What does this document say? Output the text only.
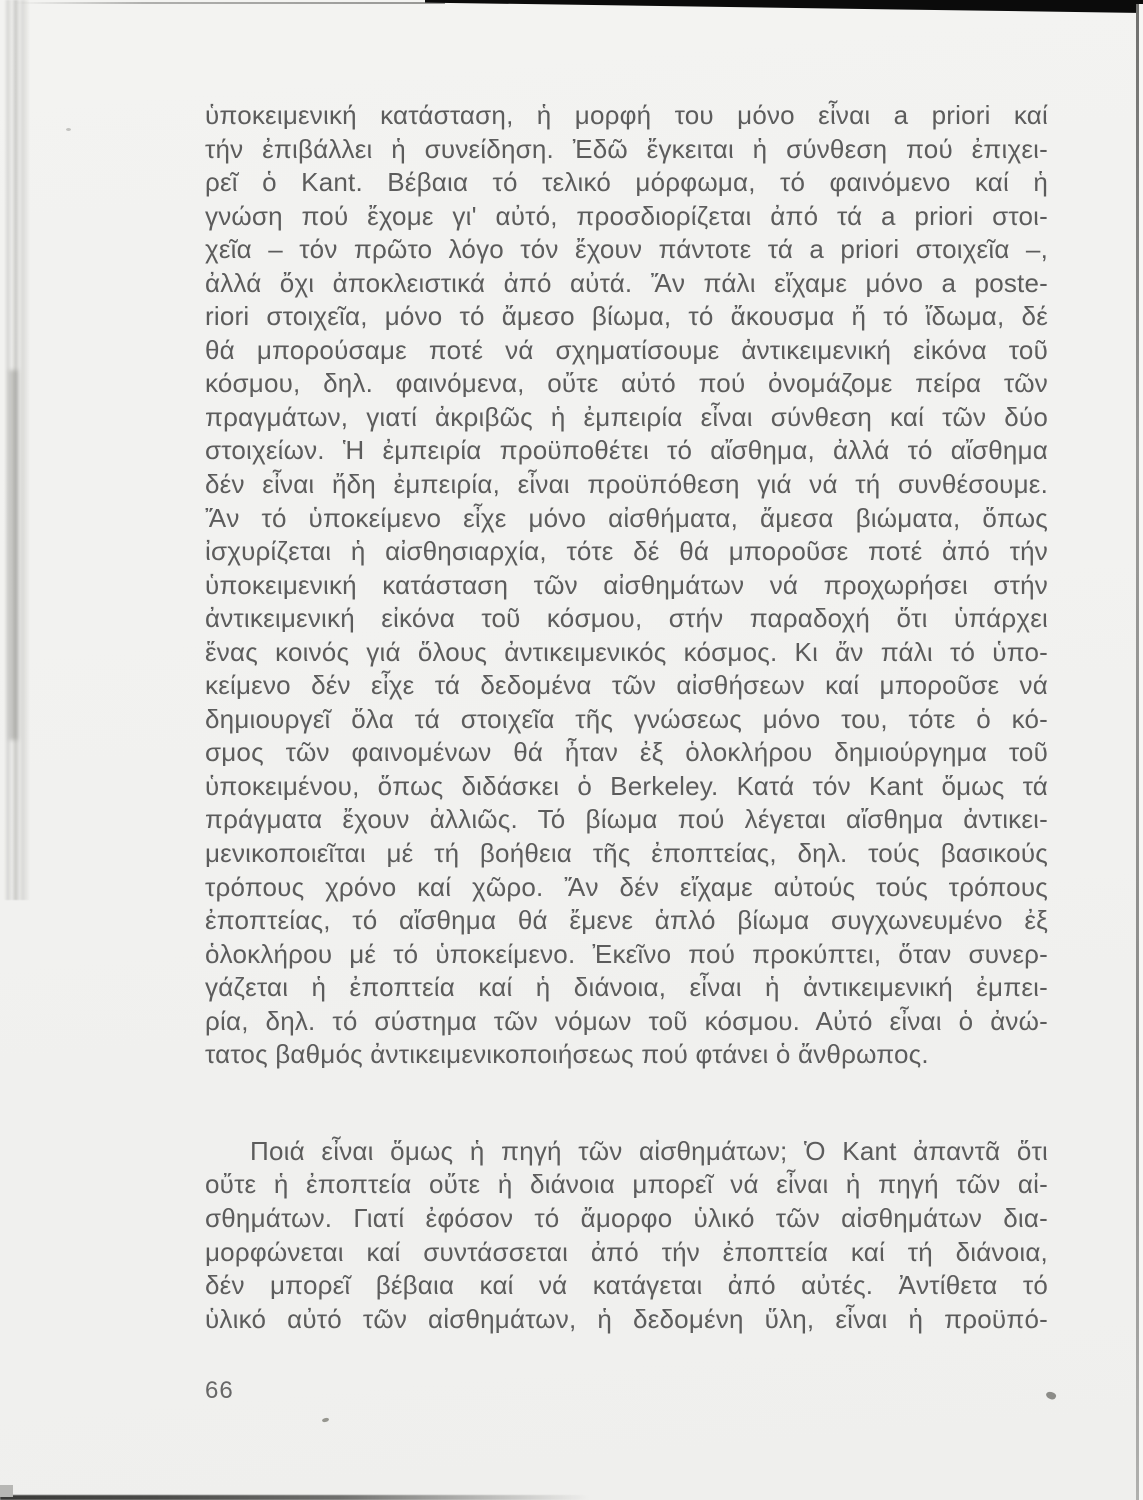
ὑποκειμενική κατάσταση, ἡ μορφή του μόνο εἶναι a priori καί
τήν ἐπιβάλλει ἡ συνείδηση. Ἐδῶ ἔγκειται ἡ σύνθεση πού ἐπιχει-
ρεῖ ὁ Kant. Βέβαια τό τελικό μόρφωμα, τό φαινόμενο καί ἡ
γνώση πού ἔχομε γι' αὐτό, προσδιορίζεται ἀπό τά a priori στοι-
χεῖα – τόν πρῶτο λόγο τόν ἔχουν πάντοτε τά a priori στοιχεῖα –,
ἀλλά ὄχι ἀποκλειστικά ἀπό αὐτά. Ἄν πάλι εἴχαμε μόνο a poste-
riori στοιχεῖα, μόνο τό ἄμεσο βίωμα, τό ἄκουσμα ἤ τό ἴδωμα, δέ
θά μπορούσαμε ποτέ νά σχηματίσουμε ἀντικειμενική εἰκόνα τοῦ
κόσμου, δηλ. φαινόμενα, οὔτε αὐτό πού ὀνομάζομε πείρα τῶν
πραγμάτων, γιατί ἀκριβῶς ἡ ἐμπειρία εἶναι σύνθεση καί τῶν δύο
στοιχείων. Ἡ ἐμπειρία προϋποθέτει τό αἴσθημα, ἀλλά τό αἴσθημα
δέν εἶναι ἤδη ἐμπειρία, εἶναι προϋπόθεση γιά νά τή συνθέσουμε.
Ἄν τό ὑποκείμενο εἶχε μόνο αἰσθήματα, ἄμεσα βιώματα, ὅπως
ἰσχυρίζεται ἡ αἰσθησιαρχία, τότε δέ θά μποροῦσε ποτέ ἀπό τήν
ὑποκειμενική κατάσταση τῶν αἰσθημάτων νά προχωρήσει στήν
ἀντικειμενική εἰκόνα τοῦ κόσμου, στήν παραδοχή ὅτι ὑπάρχει
ἕνας κοινός γιά ὅλους ἀντικειμενικός κόσμος. Κι ἄν πάλι τό ὑπο-
κείμενο δέν εἶχε τά δεδομένα τῶν αἰσθήσεων καί μποροῦσε νά
δημιουργεῖ ὅλα τά στοιχεῖα τῆς γνώσεως μόνο του, τότε ὁ κό-
σμος τῶν φαινομένων θά ἦταν ἐξ ὁλοκλήρου δημιούργημα τοῦ
ὑποκειμένου, ὅπως διδάσκει ὁ Berkeley. Κατά τόν Kant ὅμως τά
πράγματα ἔχουν ἀλλιῶς. Τό βίωμα πού λέγεται αἴσθημα ἀντικει-
μενικοποιεῖται μέ τή βοήθεια τῆς ἐποπτείας, δηλ. τούς βασικούς
τρόπους χρόνο καί χῶρο. Ἄν δέν εἴχαμε αὐτούς τούς τρόπους
ἐποπτείας, τό αἴσθημα θά ἔμενε ἁπλό βίωμα συγχωνευμένο ἐξ
ὁλοκλήρου μέ τό ὑποκείμενο. Ἐκεῖνο πού προκύπτει, ὅταν συνερ-
γάζεται ἡ ἐποπτεία καί ἡ διάνοια, εἶναι ἡ ἀντικειμενική ἐμπει-
ρία, δηλ. τό σύστημα τῶν νόμων τοῦ κόσμου. Αὐτό εἶναι ὁ ἀνώ-
τατος βαθμός ἀντικειμενικοποιήσεως πού φτάνει ὁ ἄνθρωπος.
Ποιά εἶναι ὅμως ἡ πηγή τῶν αἰσθημάτων; Ὁ Kant ἀπαντᾶ ὅτι
οὔτε ἡ ἐποπτεία οὔτε ἡ διάνοια μπορεῖ νά εἶναι ἡ πηγή τῶν αἰ-
σθημάτων. Γιατί ἐφόσον τό ἄμορφο ὑλικό τῶν αἰσθημάτων δια-
μορφώνεται καί συντάσσεται ἀπό τήν ἐποπτεία καί τή διάνοια,
δέν μπορεῖ βέβαια καί νά κατάγεται ἀπό αὐτές. Ἀντίθετα τό
ὑλικό αὐτό τῶν αἰσθημάτων, ἡ δεδομένη ὕλη, εἶναι ἡ προϋπό-
66
